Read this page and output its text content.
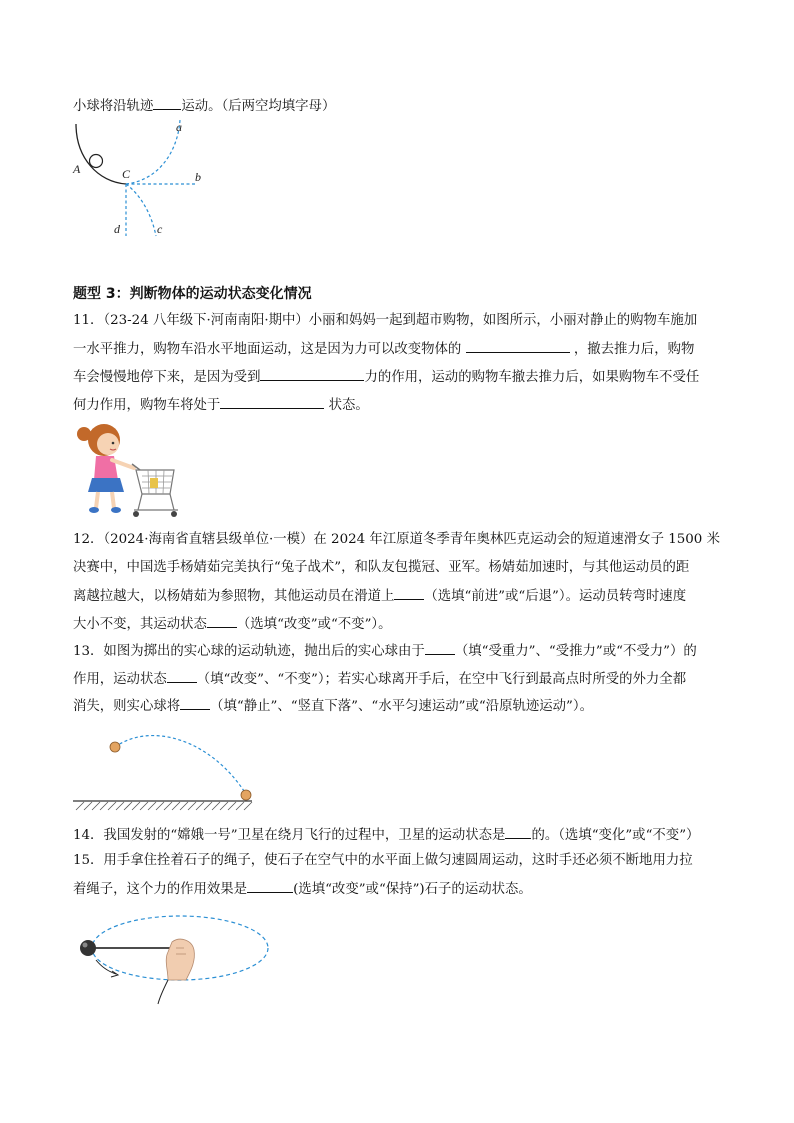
小球将沿轨迹 运动。（后两空均填字母）
A	C
a
b
d	c
题型 3：判断物体的运动状态变化情况
11．（23-24 八年级下·河南南阳·期中）小丽和妈妈一起到超市购物，如图所示，小丽对静止的购物车施加
一水平推力，购物车沿水平地面运动，这是因为力可以改变物体的	，撤去推力后，购物
车会慢慢地停下来，是因为受到	力的作用，运动的购物车撤去推力后，如果购物车不受任
何力作用，购物车将处于	状态。
12．（2024·海南省直辖县级单位·一模）在 2024 年江原道冬季青年奥林匹克运动会的短道速滑女子 1500 米
决赛中，中国选手杨婧茹完美执行“兔子战术”，和队友包揽冠、亚军。杨婧茹加速时，与其他运动员的距
离越拉越大，以杨婧茹为参照物，其他运动员在滑道上 （选填“前进”或“后退”）。运动员转弯时速度
大小不变，其运动状态 （选填“改变”或“不变”）。
13．如图为掷出的实心球的运动轨迹，抛出后的实心球由于 （填“受重力”、“受推力”或“不受力”）的
作用，运动状态 （填“改变”、“不变”）；若实心球离开手后，在空中飞行到最高点时所受的外力全都
消失，则实心球将 （填“静止”、“竖直下落”、“水平匀速运动”或“沿原轨迹运动”）。
14．我国发射的“嫦娥一号”卫星在绕月飞行的过程中，卫星的运动状态是 的。（选填“变化”或“不变”）
15．用手拿住拴着石子的绳子，使石子在空气中的水平面上做匀速圆周运动，这时手还必须不断地用力拉
着绳子，这个力的作用效果是	(选填“改变”或“保持”)石子的运动状态。
